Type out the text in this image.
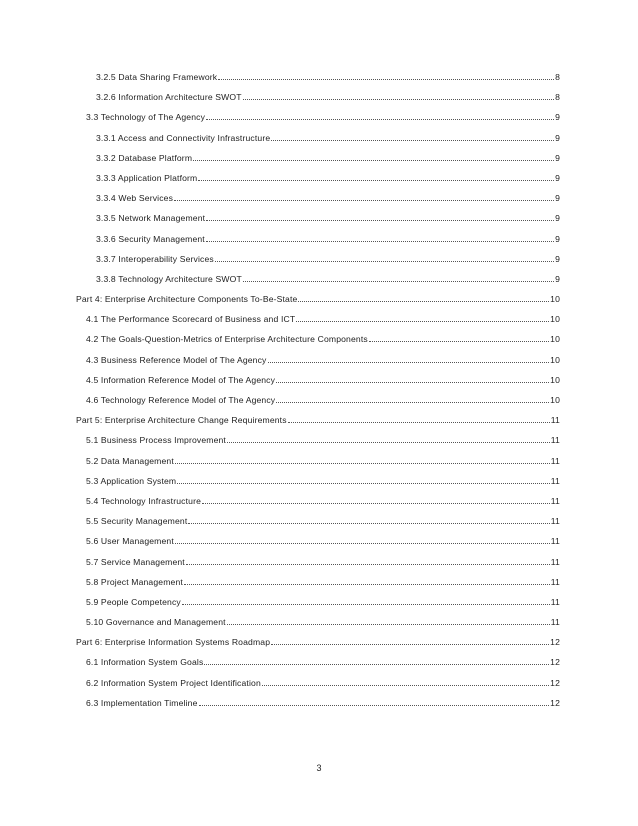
3.2.5 Data Sharing Framework	8
3.2.6 Information Architecture SWOT	8
3.3 Technology of The Agency	9
3.3.1 Access and Connectivity Infrastructure	9
3.3.2 Database Platform	9
3.3.3 Application Platform	9
3.3.4 Web Services	9
3.3.5 Network Management	9
3.3.6 Security Management	9
3.3.7 Interoperability Services	9
3.3.8 Technology Architecture SWOT	9
Part 4: Enterprise Architecture Components To-Be-State	10
4.1 The Performance Scorecard of Business and ICT	10
4.2 The Goals-Question-Metrics of Enterprise Architecture Components	10
4.3 Business Reference Model of The Agency	10
4.5 Information Reference Model of The Agency	10
4.6 Technology Reference Model of The Agency	10
Part 5: Enterprise Architecture Change Requirements	11
5.1 Business Process Improvement	11
5.2 Data Management	11
5.3 Application System	11
5.4 Technology Infrastructure	11
5.5 Security Management	11
5.6 User Management	11
5.7 Service Management	11
5.8 Project Management	11
5.9 People Competency	11
5.10 Governance and Management	11
Part 6: Enterprise Information Systems Roadmap	12
6.1 Information System Goals	12
6.2 Information System Project Identification	12
6.3 Implementation Timeline	12
3
